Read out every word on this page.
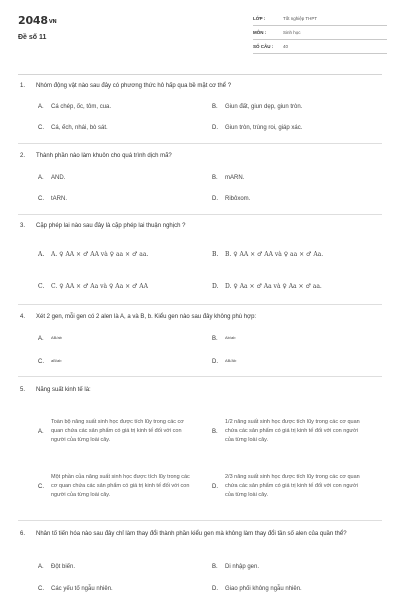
$2048_{VN}$
Đề số 11
LỚP :	Tốt nghiệp THPT
MÔN :	Sinh học
SỐ CÂU :	40
1.	Nhóm động vật nào sau đây có phương thức hô hấp qua bề mặt cơ thể ?
A.	Cá chép, ốc, tôm, cua.	B.	Giun đất, giun dẹp, giun tròn.
C.	Cá, ếch, nhái, bò sát.	D.	Giun tròn, trùng roi, giáp xác.
2.	Thành phần nào làm khuôn cho quá trình dịch mã?
A.	AND.	B.	mARN.
C.	tARN.	D.	Ribôxom.
3.	Cặp phép lai nào sau đây là cặp phép lai thuận nghịch ?
A.	A. ♀ AA × ♂ AA và ♀ aa × ♂ aa.	B.	B. ♀ AA × ♂ AA và ♀ aa × ♂ Aa.
C.	C. ♀ AA × ♂ Aa và ♀ Aa × ♂ AA	D.	D. ♀ Aa × ♂ Aa và ♀ Aa × ♂ aa.
4.	Xét 2 gen, mỗi gen có 2 alen là A, a và B, b. Kiểu gen nào sau đây không phù hợp:
A.	AB/ab	B.	Ab/ab
C.	aB/ab	D.	AB/Ab
5.	Năng suất kinh tế là:
A.
Toàn bộ năng suất sinh học được tích lũy trong các cơ quan chứa các sản phẩm có giá trị kinh tế đối với con người của từng loài cây.
B.
1/2 năng suất sinh học được tích lũy trong các cơ quan chứa các sản phẩm có giá trị kinh tế đối với con người của từng loài cây.
C.
Một phần của năng suất sinh học được tích lũy trong các cơ quan chứa các sản phẩm có giá trị kinh tế đối với con người của từng loài cây.
D.
2/3 năng suất sinh học được tích lũy trong các cơ quan chứa các sản phẩm có giá trị kinh tế đối với con người của từng loài cây.
6.	Nhân tố tiến hóa nào sau đây chỉ làm thay đổi thành phần kiểu gen mà không làm thay đổi tần số alen của quần thể?
A.	Đột biến.	B.	Di nhập gen.
C.	Các yếu tố ngẫu nhiên.	D.	Giao phối không ngẫu nhiên.
